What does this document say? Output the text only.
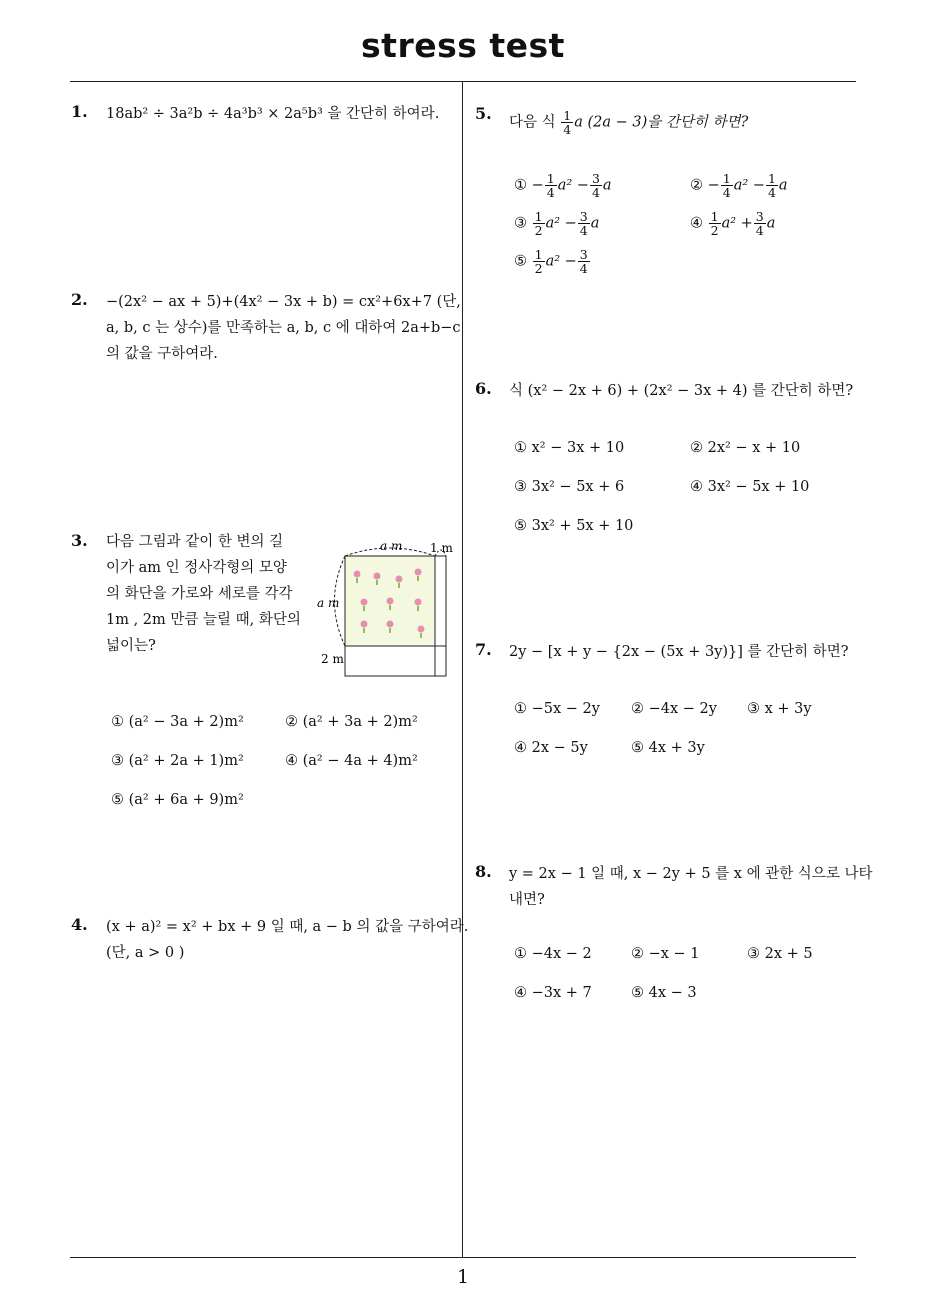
stress test
1
1. 18ab² ÷ 3a²b ÷ 4a³b³ × 2a⁵b³ 을 간단히 하여라.
2. −(2x² − ax + 5)+(4x² − 3x + b) = cx²+6x+7 (단,
a, b, c 는 상수)를 만족하는 a, b, c 에 대하여 2a+b−c
의 값을 구하여라.
3. 다음 그림과 같이 한 변의 길
이가 am 인 정사각형의 모양
의 화단을 가로와 세로를 각각
1m , 2m 만큼 늘릴 때, 화단의
넓이는?
a m 1 m
a m
2 m
① (a² − 3a + 2)m²	② (a² + 3a + 2)m²
③ (a² + 2a + 1)m²	④ (a² − 4a + 4)m²
⑤ (a² + 6a + 9)m²
4. (x + a)² = x² + bx + 9 일 때, a − b 의 값을 구하여라.
(단, a > 0 )
5. 다음 식 $\frac{1}{4}$ a (2a − 3)을 간단히 하면?
① − $\frac{1}{4} a^2 - \frac{3}{4}$ a	② − $\frac{1}{4} a^2 - \frac{1}{4}$ a
③ $\frac{1}{2} a^2 - \frac{3}{4}$ a	④ $\frac{1}{2} a^2 + \frac{3}{4}$ a
⑤ $\frac{1}{2} a^2 - \frac{3}{4}$
6. 식 (x² − 2x + 6) + (2x² − 3x + 4) 를 간단히 하면?
① x² − 3x + 10	② 2x² − x + 10
③ 3x² − 5x + 6	④ 3x² − 5x + 10
⑤ 3x² + 5x + 10
7. 2y − [x + y − {2x − (5x + 3y)}] 를 간단히 하면?
① −5x − 2y ② −4x − 2y ③ x + 3y
④ 2x − 5y	⑤ 4x + 3y
8. y = 2x − 1 일 때, x − 2y + 5 를 x 에 관한 식으로 나타
내면?
① −4x − 2	② −x − 1	③ 2x + 5
④ −3x + 7	⑤ 4x − 3
